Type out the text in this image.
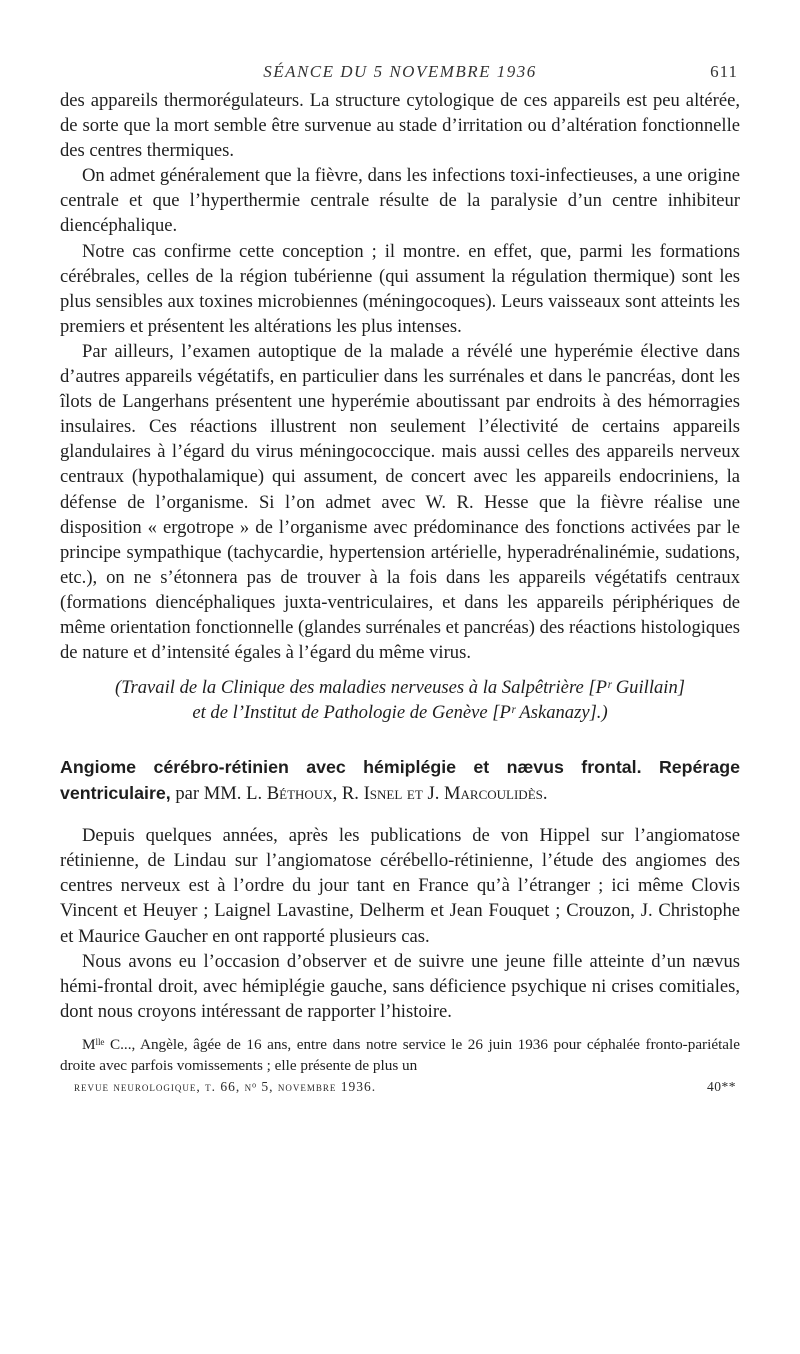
SÉANCE DU 5 NOVEMBRE 1936	611

des appareils thermorégulateurs. La structure cytologique de ces appareils est peu altérée, de sorte que la mort semble être survenue au stade d’irritation ou d’altération fonctionnelle des centres thermiques.

On admet généralement que la fièvre, dans les infections toxi-infectieuses, a une origine centrale et que l’hyperthermie centrale résulte de la paralysie d’un centre inhibiteur diencéphalique.

Notre cas confirme cette conception ; il montre. en effet, que, parmi les formations cérébrales, celles de la région tubérienne (qui assument la régulation thermique) sont les plus sensibles aux toxines microbiennes (méningocoques). Leurs vaisseaux sont atteints les premiers et présentent les altérations les plus intenses.

Par ailleurs, l’examen autoptique de la malade a révélé une hyperémie élective dans d’autres appareils végétatifs, en particulier dans les surrénales et dans le pancréas, dont les îlots de Langerhans présentent une hyperémie aboutissant par endroits à des hémorragies insulaires. Ces réactions illustrent non seulement l’électivité de certains appareils glandulaires à l’égard du virus méningococcique. mais aussi celles des appareils nerveux centraux (hypothalamique) qui assument, de concert avec les appareils endocriniens, la défense de l’organisme. Si l’on admet avec W. R. Hesse que la fièvre réalise une disposition « ergotrope » de l’organisme avec prédominance des fonctions activées par le principe sympathique (tachycardie, hypertension artérielle, hyperadrénalinémie, sudations, etc.), on ne s’étonnera pas de trouver à la fois dans les appareils végétatifs centraux (formations diencéphaliques juxta-ventriculaires, et dans les appareils périphériques de même orientation fonctionnelle (glandes surrénales et pancréas) des réactions histologiques de nature et d’intensité égales à l’égard du même virus.

(Travail de la Clinique des maladies nerveuses à la Salpêtrière [Pʳ Guillain]
et de l’Institut de Pathologie de Genève [Pʳ Askanazy].)

Angiome cérébro-rétinien avec hémiplégie et nævus frontal. Repérage ventriculaire, par MM. L. Béthoux, R. Isnel et J. Marcoulidès.

Depuis quelques années, après les publications de von Hippel sur l’angiomatose rétinienne, de Lindau sur l’angiomatose cérébello-rétinienne, l’étude des angiomes des centres nerveux est à l’ordre du jour tant en France qu’à l’étranger ; ici même Clovis Vincent et Heuyer ; Laignel Lavastine, Delherm et Jean Fouquet ; Crouzon, J. Christophe et Maurice Gaucher en ont rapporté plusieurs cas.

Nous avons eu l’occasion d’observer et de suivre une jeune fille atteinte d’un nævus hémi-frontal droit, avec hémiplégie gauche, sans déficience psychique ni crises comitiales, dont nous croyons intéressant de rapporter l’histoire.

Mˡˡᵉ C..., Angèle, âgée de 16 ans, entre dans notre service le 26 juin 1936 pour céphalée fronto-pariétale droite avec parfois vomissements ; elle présente de plus un

revue neurologique, t. 66, nᵒ 5, novembre 1936.	40**
